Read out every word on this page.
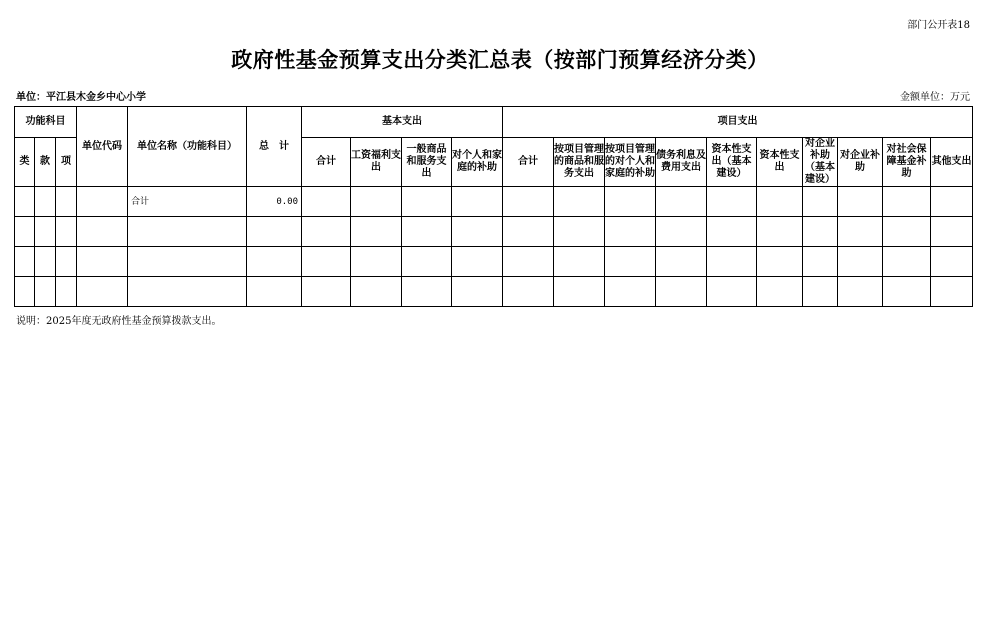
部门公开表18
政府性基金预算支出分类汇总表（按部门预算经济分类）
单位：平江县木金乡中心小学	金额单位：万元
功能科目			单位代码	单位名称（功能科目）	总　计	基本支出				项目支出									
类	款	项				合计	工资福利支出	一般商品和服务支出	对个人和家庭的补助	合计	按项目管理的商品和服务支出	按项目管理的对个人和家庭的补助	债务利息及费用支出	资本性支出（基本建设）	资本性支出	对企业补助（基本建设）	对企业补助	对社会保障基金补助	其他支出
				合计	0.00														

说明：2025年度无政府性基金预算拨款支出。
